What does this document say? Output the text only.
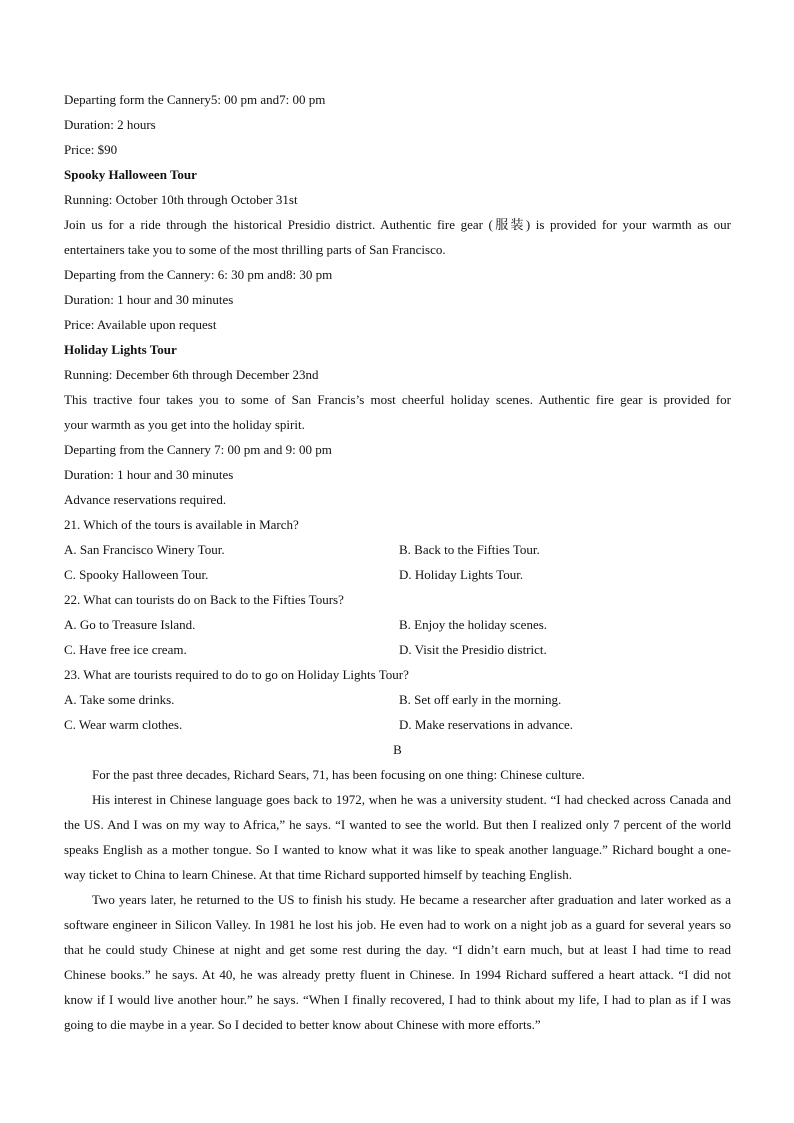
Departing form the Cannery5: 00 pm and7: 00 pm
Duration: 2 hours
Price: $90
Spooky Halloween Tour
Running: October 10th through October 31st
Join us for a ride through the historical Presidio district. Authentic fire gear (服装) is provided for your warmth as our
entertainers take you to some of the most thrilling parts of San Francisco.
Departing from the Cannery: 6: 30 pm and8: 30 pm
Duration: 1 hour and 30 minutes
Price: Available upon request
Holiday Lights Tour
Running: December 6th through December 23nd
This tractive four takes you to some of San Francis’s most cheerful holiday scenes. Authentic fire gear is provided for
your warmth as you get into the holiday spirit.
Departing from the Cannery 7: 00 pm and 9: 00 pm
Duration: 1 hour and 30 minutes
Advance reservations required.
21. Which of the tours is available in March?
A. San Francisco Winery Tour.	B. Back to the Fifties Tour.
C. Spooky Halloween Tour.	D. Holiday Lights Tour.
22. What can tourists do on Back to the Fifties Tours?
A. Go to Treasure Island.	B. Enjoy the holiday scenes.
C. Have free ice cream.	D. Visit the Presidio district.
23. What are tourists required to do to go on Holiday Lights Tour?
A. Take some drinks.	B. Set off early in the morning.
C. Wear warm clothes.	D. Make reservations in advance.
B
For the past three decades, Richard Sears, 71, has been focusing on one thing: Chinese culture.
His interest in Chinese language goes back to 1972, when he was a university student. “I had checked across Canada and the US. And I was on my way to Africa,” he says. “I wanted to see the world. But then I realized only 7 percent of the world speaks English as a mother tongue. So I wanted to know what it was like to speak another language.” Richard bought a one-way ticket to China to learn Chinese. At that time Richard supported himself by teaching English.
Two years later, he returned to the US to finish his study. He became a researcher after graduation and later worked as a software engineer in Silicon Valley. In 1981 he lost his job. He even had to work on a night job as a guard for several years so that he could study Chinese at night and get some rest during the day. “I didn’t earn much, but at least I had time to read Chinese books.” he says. At 40, he was already pretty fluent in Chinese. In 1994 Richard suffered a heart attack. “I did not know if I would live another hour.” he says. “When I finally recovered, I had to think about my life, I had to plan as if I was going to die maybe in a year. So I decided to better know about Chinese with more efforts.”
